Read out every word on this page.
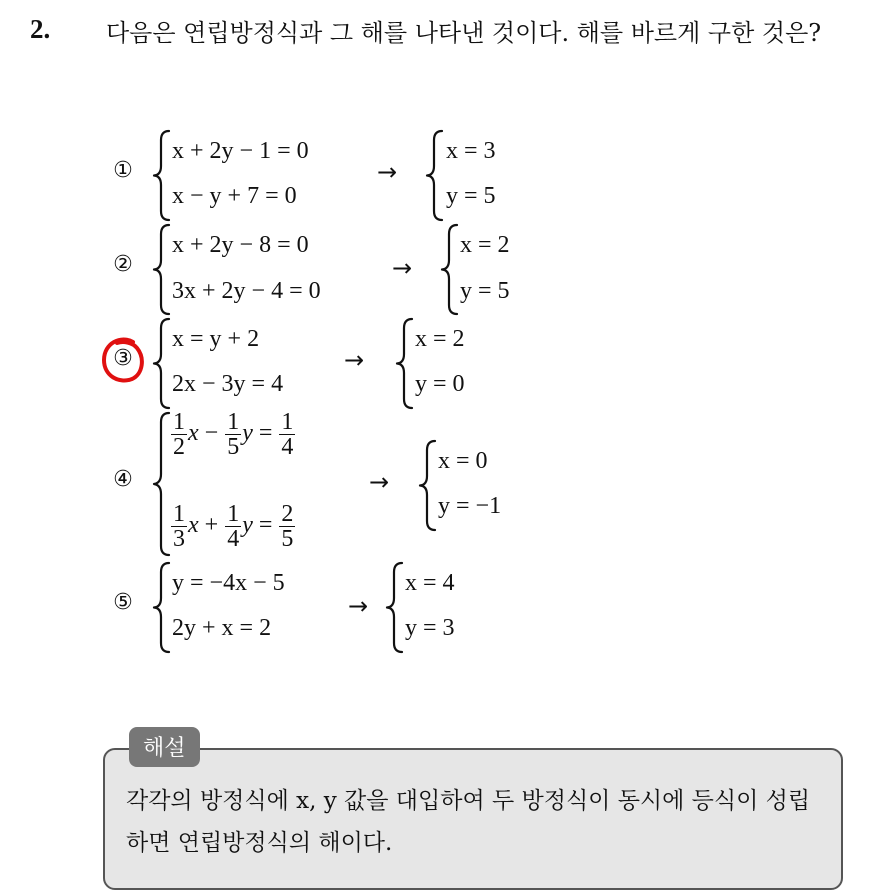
2. 다음은 연립방정식과 그 해를 나타낸 것이다. 해를 바르게 구한 것은?
①
x + 2y − 1 = 0
x − y + 7 = 0
→
x = 3
y = 5
②
x + 2y − 8 = 0
3x + 2y − 4 = 0
→
x = 2
y = 5
③
x = y + 2
2x − 3y = 4
→
x = 2
y = 0
④
$\frac{1}{2}$ $x - \frac{1}{5}$ $y = \frac{1}{4}$
$\frac{1}{3}$ $x + \frac{1}{4}$ $y = \frac{2}{5}$
→
x = 0
y = −1
⑤
y = −4x − 5
2y + x = 2
→
x = 4
y = 3
해설
각각의 방정식에 x, y 값을 대입하여 두 방정식이 동시에 등식이 성립하면 연립방정식의 해이다.
